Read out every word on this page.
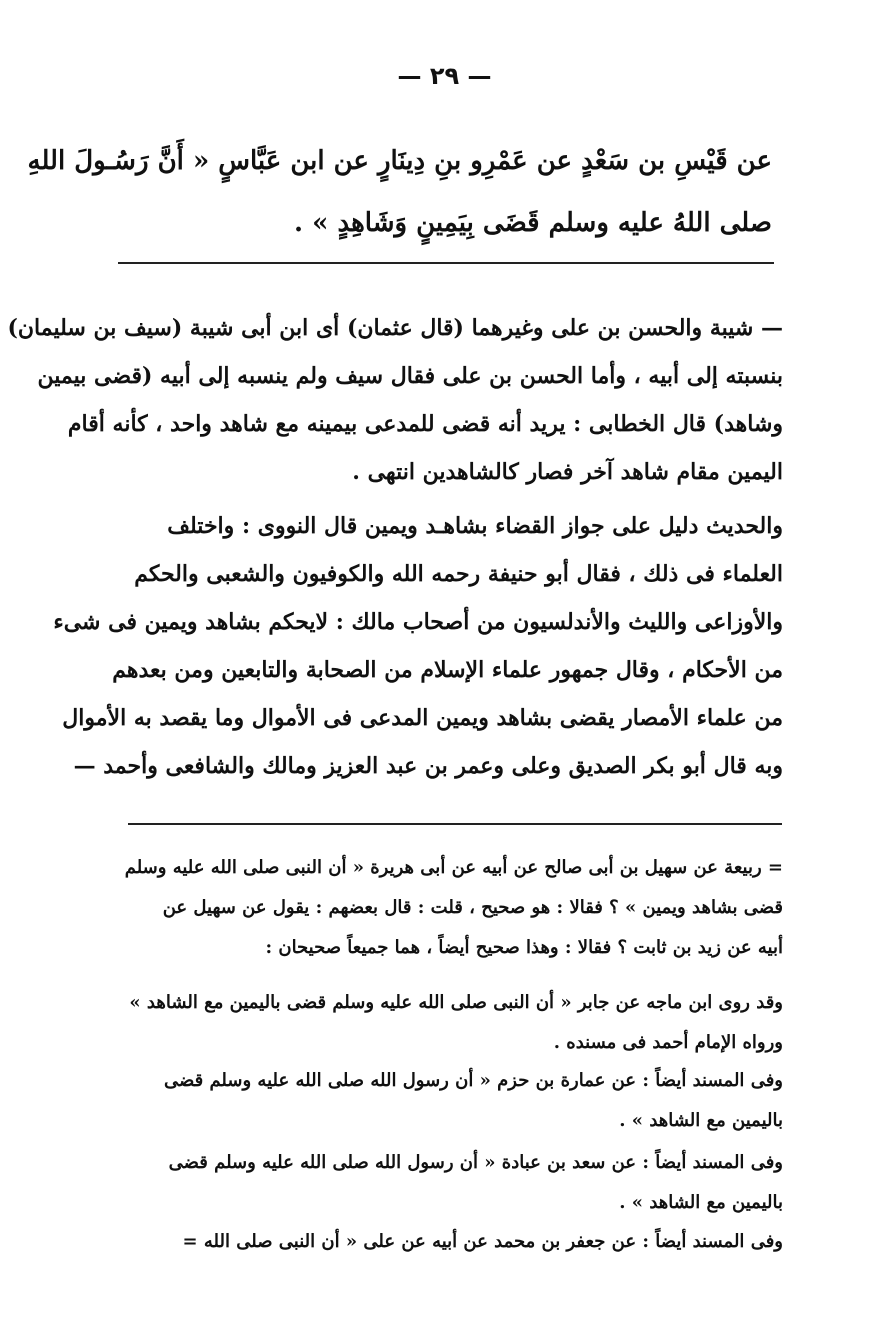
— ٢٩ —
عن قَيْسِ بن سَعْدٍ عن عَمْرِو بنِ دِينَارٍ عن ابن عَبَّاسٍ « أَنَّ رَسُـولَ اللهِ
صلى اللهُ عليه وسلم قَضَى بِيَمِينٍ وَشَاهِدٍ » .
— شيبة والحسن بن على وغيرهما (قال عثمان) أى ابن أبى شيبة (سيف بن سليمان)
بنسبته إلى أبيه ، وأما الحسن بن على فقال سيف ولم ينسبه إلى أبيه (قضى بيمين
وشاهد) قال الخطابى : يريد أنه قضى للمدعى بيمينه مع شاهد واحد ، كأنه أقام
اليمين مقام شاهد آخر فصار كالشاهدين انتهى .
والحديث دليل على جواز القضاء بشاهـد ويمين قال النووى : واختلف
العلماء فى ذلك ، فقال أبو حنيفة رحمه الله والكوفيون والشعبى والحكم
والأوزاعى والليث والأندلسيون من أصحاب مالك : لايحكم بشاهد ويمين فى شىء
من الأحكام ، وقال جمهور علماء الإسلام من الصحابة والتابعين ومن بعدهم
من علماء الأمصار يقضى بشاهد ويمين المدعى فى الأموال وما يقصد به الأموال
وبه قال أبو بكر الصديق وعلى وعمر بن عبد العزيز ومالك والشافعى وأحمد —
= ربيعة عن سهيل بن أبى صالح عن أبيه عن أبى هريرة « أن النبى صلى الله عليه وسلم
قضى بشاهد ويمين » ؟ فقالا : هو صحيح ، قلت : قال بعضهم : يقول عن سهيل عن
أبيه عن زيد بن ثابت ؟ فقالا : وهذا صحيح أيضاً ، هما جميعاً صحيحان :
وقد روى ابن ماجه عن جابر « أن النبى صلى الله عليه وسلم قضى باليمين مع الشاهد »
ورواه الإمام أحمد فى مسنده .
وفى المسند أيضاً : عن عمارة بن حزم « أن رسول الله صلى الله عليه وسلم قضى
باليمين مع الشاهد » .
وفى المسند أيضاً : عن سعد بن عبادة « أن رسول الله صلى الله عليه وسلم قضى
باليمين مع الشاهد » .
وفى المسند أيضاً : عن جعفر بن محمد عن أبيه عن على « أن النبى صلى الله =
